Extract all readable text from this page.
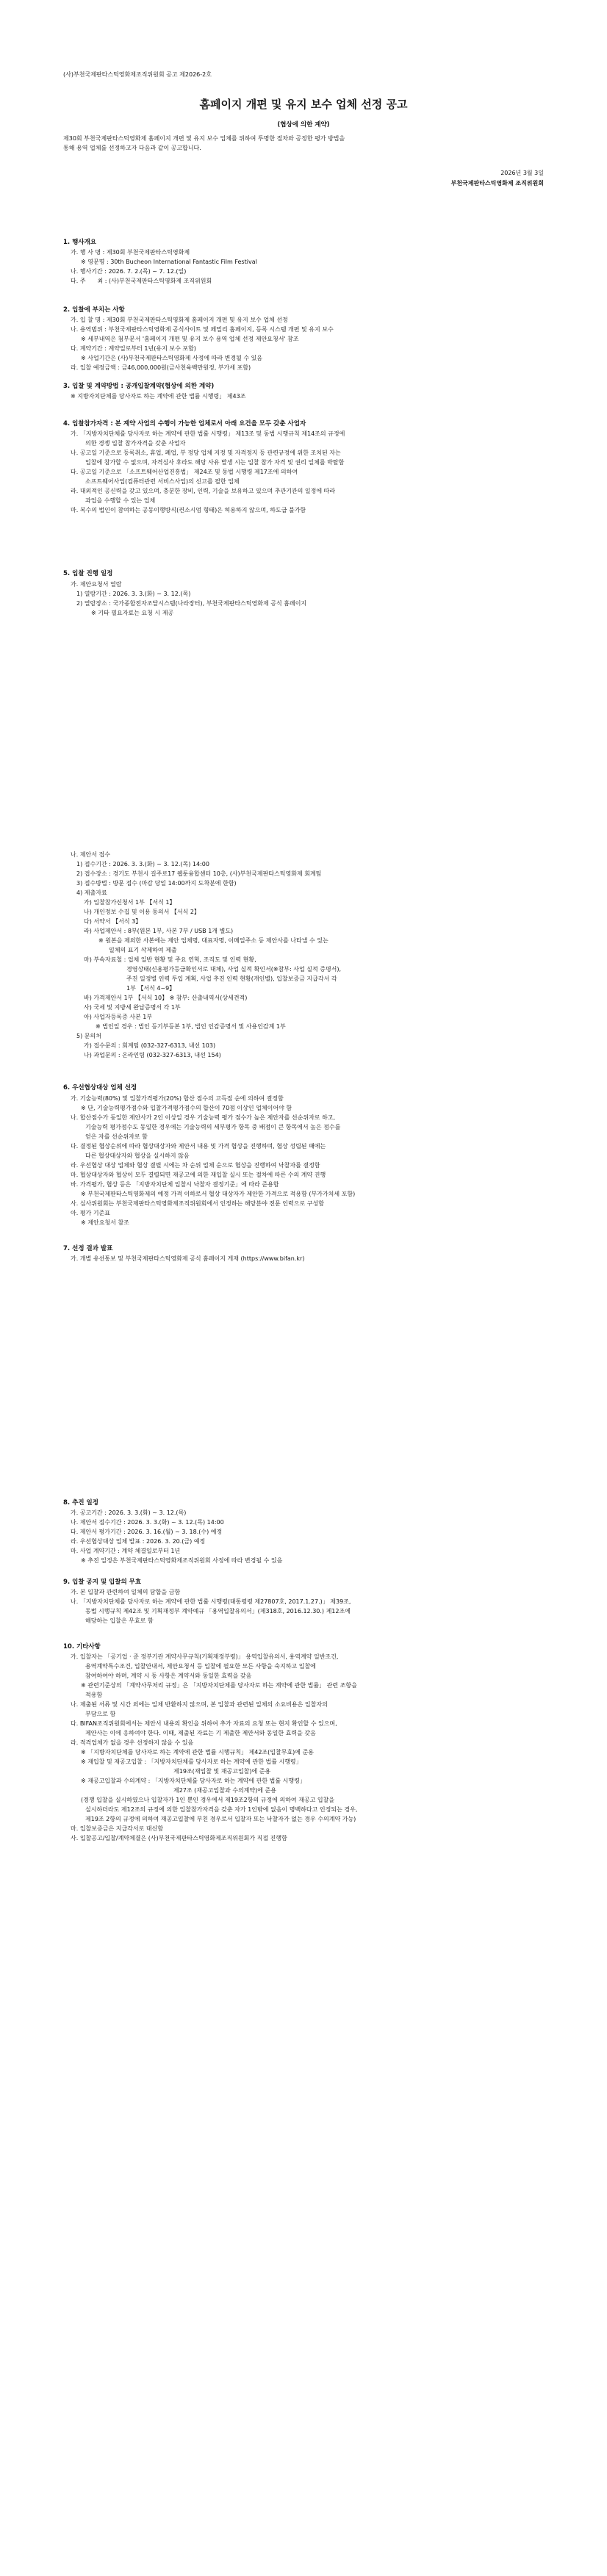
(사)부천국제판타스틱영화제조직위원회 공고 제2026-2호
홈페이지 개편 및 유지 보수 업체 선정 공고
(협상에 의한 계약)
제30회 부천국제판타스틱영화제 홈페이지 개편 및 유지 보수 업체를 위하여 투명한 절차와 공정한 평가 방법을
통해 용역 업체를 선정하고자 다음과 같이 공고합니다.
2026년 3월 3일
부천국제판타스틱영화제 조직위원회
1. 행사개요
가. 행 사 명 : 제30회 부천국제판타스틱영화제
※ 영문명 : 30th Bucheon International Fantastic Film Festival
나. 행사기간 : 2026. 7. 2.(목) ~ 7. 12.(일)
다. 주　　최 : (사)부천국제판타스틱영화제 조직위원회
2. 입찰에 부치는 사항
가. 입 찰 명 : 제30회 부천국제판타스틱영화제 홈페이지 개편 및 유지 보수 업체 선정
나. 용역범위 : 부천국제판타스틱영화제 공식사이트 및 페밀리 홈페이지, 등록 시스템 개편 및 유지 보수
※ 세부내역은 첨부문서 '홈페이지 개편 및 유지 보수 용역 업체 선정 제안요청서' 참조
다. 계약기간 : 계약일로부터 1년(유지 보수 포함)
※ 사업기간은 (사)부천국제판타스틱영화제 사정에 따라 변경될 수 있음
라. 입찰 예정금액 : 금46,000,000원(금사천육백만원정, 부가세 포함)
3. 입찰 및 계약방법 : 공개입찰계약(협상에 의한 계약)
※ 지방자치단체를 당사자로 하는 계약에 관한 법률 시행령」 제43조
4. 입찰참가자격 : 본 계약 사업의 수행이 가능한 업체로서 아래 요건을 모두 갖춘 사업자
가. 「지방자치단체를 당사자로 하는 계약에 관한 법률 시행령」 제13조 및 동법 시행규칙 제14조의 규정에
의한 경쟁 입찰 참가자격을 갖춘 사업자
나. 공고일 기준으로 등록취소, 휴업, 폐업, 부 정당 업체 지정 및 자격정지 등 관련규정에 위한 조치된 자는
입찰에 참가할 수 없으며, 자격심사 후라도 해당 사유 발생 시는 입찰 참가 자격 및 권리 일체를 박탈함
다. 공고일 기준으로 「소프트웨어산업진흥법」 제24조 및 동법 시행령 제17조에 의하여
소프트웨어사업(컴퓨터관련 서비스사업)의 신고를 필한 업체
라. 대외적인 공신력을 갖고 있으며, 충분한 장비, 인력, 기술을 보유하고 있으며 추관기관의 일정에 따라
과업을 수행할 수 있는 업체
마. 복수의 법인이 참여하는 공동이행방식(컨소시엄 형태)은 허용하지 않으며, 하도급 불가함
5. 입찰 진행 일정
가. 제안요청서 열람
1) 열람기간 : 2026. 3. 3.(화) ~ 3. 12.(목)
2) 열람장소 : 국가종합전자조달시스템(나라장터), 부천국제판타스틱영화제 공식 홈페이지
※ 기타 필요자료는 요청 시 제공
나. 제안서 접수
1) 접수기간 : 2026. 3. 3.(화) ~ 3. 12.(목) 14:00
2) 접수장소 : 경기도 부천시 길주로17 웹툰융합센터 10층, (사)부천국제판타스틱영화제 회계팀
3) 접수방법 : 방문 접수 (마감 당일 14:00까지 도착분에 한함)
4) 제출자료
가) 입찰참가신청서 1부 【서식 1】
나) 개인정보 수집 및 이용 동의서 【서식 2】
다) 서약서 【서식 3】
라) 사업제안서 : 8부(원본 1부, 사본 7부 / USB 1개 별도)
※ 원본을 제외한 사본에는 제안 업체명, 대표자명, 이메일주소 등 제안사를 나타낼 수 있는
일체의 표기 삭제하여 제출
마) 부속자료철 : 업체 일반 현황 및 주요 연혁, 조직도 및 인력 현황,
경영상태(신용평가등급확인서로 대체), 사업 실적 확인서(※참부: 사업 실적 증명서),
주진 일정별 인력 투입 계획, 사업 추진 인력 현황(개인별), 입찰보증금 지급각서 각
1부 【서식 4~9】
바) 가격제안서 1부 【서식 10】 ※ 참부: 산출내역서(상세견적)
사) 국세 및 지방세 완납증명서 각 1부
아) 사업자등록증 사본 1부
※ 법인일 경우 : 법인 등기부등본 1부, 법인 인감증명서 및 사용인감계 1부
5) 문의처
가) 접수문의 : 회계팀 (032-327-6313, 내선 103)
나) 과업문의 : 온라인팀 (032-327-6313, 내선 154)
6. 우선협상대상 업체 선정
가. 기술능력(80%) 및 입찰가격평가(20%) 합산 점수의 고득점 순에 의하여 결정함
※ 단, 기술능력평가점수와 입찰가격평가점수의 합산이 70점 이상인 업체이어야 함
나. 합산점수가 동일한 제안사가 2인 이상일 경우 기술능력 평가 점수가 높은 제안자를 선순위자로 하고,
기술능력 평가점수도 동일한 경우에는 기술능력의 세부평가 항목 중 배점이 큰 항목에서 높은 점수를
얻은 자를 선순위자로 함
다. 결정된 협상순위에 따라 협상대상자와 제안서 내용 및 가격 협상을 진행하며, 협상 성립된 때에는
다른 협상대상자와 협상을 실시하지 않음
라. 우선협상 대상 업체와 협상 결렬 시에는 차 순위 업체 순으로 협상을 진행하여 낙찰자를 결정함
마. 협상대상자와 협상이 모두 결렬되면 재공고에 의한 재입찰 실시 또는 절차에 따른 수의 계약 진행
바. 가격평가, 협상 등은 「지방자치단체 입찰시 낙찰자 결정기준」에 따라 준용함
※ 부천국제판타스틱영화제의 예정 가격 이하로서 협상 대상자가 제안한 가격으로 적용함 (부가가치세 포함)
사. 심사위원회는 부천국제판타스틱영화제조직위원회에서 인정하는 해당분야 전문 인력으로 구성함
아. 평가 기준표
※ 제안요청서 참조
7. 선정 결과 발표
가. 개별 유선통보 및 부천국제판타스틱영화제 공식 홈페이지 게재 (https://www.bifan.kr)
8. 추진 일정
가. 공고기간 : 2026. 3. 3.(화) ~ 3. 12.(목)
나. 제안서 접수기간 : 2026. 3. 3.(화) ~ 3. 12.(목) 14:00
다. 제안서 평가기간 : 2026. 3. 16.(월) ~ 3. 18.(수) 예정
라. 우선협상대상 업체 발표 : 2026. 3. 20.(금) 예정
마. 사업 계약기간 : 계약 체결일로부터 1년
※ 추진 일정은 부천국제판타스틱영화제조직위원회 사정에 따라 변경될 수 있음
9. 입찰 공지 및 입찰의 무효
가. 본 입찰과 관련하여 일체의 담합을 금함
나. 「지방자치단체를 당사자로 하는 계약에 관한 법률 시행령(대통령령 제27807호, 2017.1.27.)」 제39조,
동법 시행규칙 제42조 및 기획재정부 계약예규 「용역입찰유의서」(제318호, 2016.12.30.) 제12조에
해당하는 입찰은 무효로 함
10. 기타사항
가. 입찰자는 「공기업 · 준 정부기관 계약사무규칙(기획재정부령)」 용역입찰유의서, 용역계약 일반조건,
용역계약특수조건, 입찰안내서, 제안요청서 등 입찰에 필요한 모든 사항을 숙지하고 입찰에
참여하여야 하며, 계약 시 동 사항은 계약서와 동일한 효력을 갖음
※ 관련기준상의 「계약사무처리 규정」은 「지방자치단체를 당사자로 하는 계약에 관한 법률」 관련 조항을
적용함
나. 제출된 서류 및 시간 외에는 일체 반환하지 않으며, 본 입찰과 관련된 일체의 소요비용은 입찰자의
부담으로 함
다. BIFAN조직위원회에서는 제안서 내용의 확인을 위하여 추가 자료의 요청 또는 현지 확인할 수 있으며,
제안사는 이에 응하여야 한다. 이때, 제출된 자료는 기 제출한 제안서와 동일한 효력을 갖음
라. 적격업체가 없을 경우 선정하지 않을 수 있음
※ 「지방자치단체를 당사자로 하는 계약에 관한 법률 시행규칙」 제42조(입찰무효)에 준용
※ 재입찰 및 재공고입찰 : 「지방자치단체를 당사자로 하는 계약에 관한 법률 시행령」
제19조(재입찰 및 재공고입찰)에 준용
※ 재공고입찰과 수의계약 : 「지방자치단체를 당사자로 하는 계약에 관한 법률 시행령」
제27조 (재공고입찰과 수의계약)에 준용
(경쟁 입찰을 실시하였으나 입찰자가 1인 뿐인 경우에서 제19조2항의 규정에 의하여 재공고 입찰을
실시하더라도 제12조의 규정에 의한 입찰참가자격을 갖춘 자가 1인밖에 없음이 명백하다고 인정되는 경우,
제19조 2항의 규정에 의하여 재공고입찰에 부친 경우로서 입찰자 또는 낙찰자가 없는 경우 수의계약 가능)
마. 입찰보증금은 지급각서로 대신함
사. 입찰공고/입찰/계약체결은 (사)부천국제판타스틱영화제조직위원회가 직접 진행함
